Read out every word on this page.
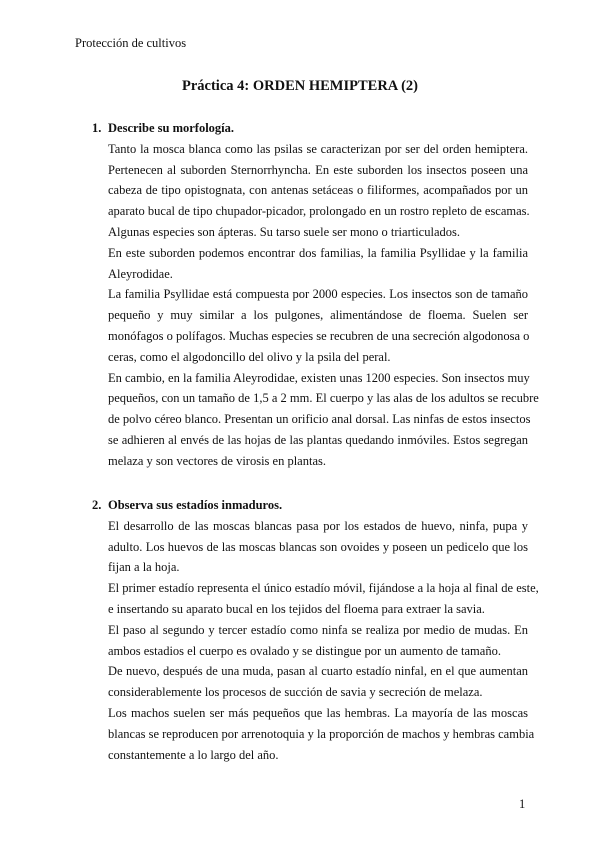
Protección de cultivos
Práctica 4: ORDEN HEMIPTERA (2)
1. Describe su morfología.
Tanto la mosca blanca como las psilas se caracterizan por ser del orden hemiptera.
Pertenecen al suborden Sternorrhyncha. En este suborden los insectos poseen una
cabeza de tipo opistognata, con antenas setáceas o filiformes, acompañados por un
aparato bucal de tipo chupador-picador, prolongado en un rostro repleto de escamas.
Algunas especies son ápteras. Su tarso suele ser mono o triarticulados.
En este suborden podemos encontrar dos familias, la familia Psyllidae y la familia
Aleyrodidae.
La familia Psyllidae está compuesta por 2000 especies. Los insectos son de tamaño
pequeño y muy similar a los pulgones, alimentándose de floema. Suelen ser
monófagos o polífagos. Muchas especies se recubren de una secreción algodonosa o
ceras, como el algodoncillo del olivo y la psila del peral.
En cambio, en la familia Aleyrodidae, existen unas 1200 especies. Son insectos muy
pequeños, con un tamaño de 1,5 a 2 mm. El cuerpo y las alas de los adultos se recubre
de polvo céreo blanco. Presentan un orificio anal dorsal. Las ninfas de estos insectos
se adhieren al envés de las hojas de las plantas quedando inmóviles. Estos segregan
melaza y son vectores de virosis en plantas.
2. Observa sus estadíos inmaduros.
El desarrollo de las moscas blancas pasa por los estados de huevo, ninfa, pupa y
adulto. Los huevos de las moscas blancas son ovoides y poseen un pedicelo que los
fijan a la hoja.
El primer estadío representa el único estadío móvil, fijándose a la hoja al final de este,
e insertando su aparato bucal en los tejidos del floema para extraer la savia.
El paso al segundo y tercer estadío como ninfa se realiza por medio de mudas. En
ambos estadios el cuerpo es ovalado y se distingue por un aumento de tamaño.
De nuevo, después de una muda, pasan al cuarto estadío ninfal, en el que aumentan
considerablemente los procesos de succión de savia y secreción de melaza.
Los machos suelen ser más pequeños que las hembras. La mayoría de las moscas
blancas se reproducen por arrenotoquia y la proporción de machos y hembras cambia
constantemente a lo largo del año.
1
